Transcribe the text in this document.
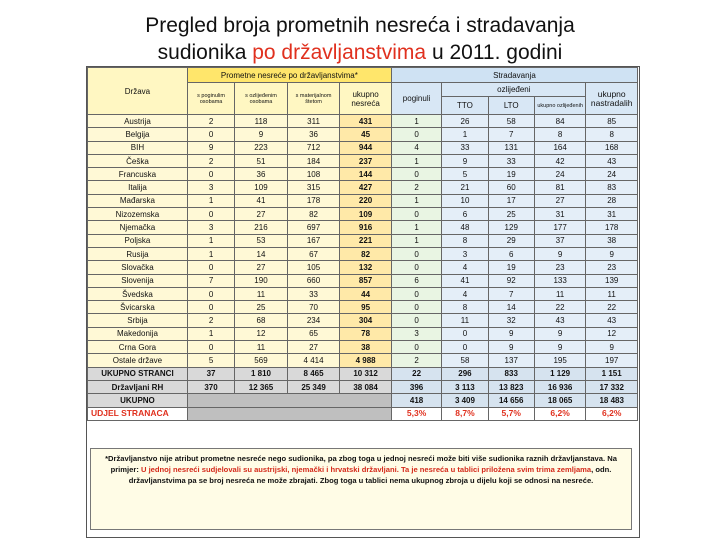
Pregled broja prometnih nesreća i stradavanja
sudionika po državljanstvima u 2011. godini
Država	Prometne nesreće po državljanstvima*				Stradavanja				
	s poginulim osobama	s ozlijeđenim osobama	s materijalnom štetom	ukupno nesreća	poginuli	ozlijeđeni			ukupno nastradalih
						TTO	LTO	ukupno ozlijeđenih	
Austrija	2	118	311	431	1	26	58	84	85
Belgija	0	9	36	45	0	1	7	8	8
BIH	9	223	712	944	4	33	131	164	168
Češka	2	51	184	237	1	9	33	42	43
Francuska	0	36	108	144	0	5	19	24	24
Italija	3	109	315	427	2	21	60	81	83
Mađarska	1	41	178	220	1	10	17	27	28
Nizozemska	0	27	82	109	0	6	25	31	31
Njemačka	3	216	697	916	1	48	129	177	178
Poljska	1	53	167	221	1	8	29	37	38
Rusija	1	14	67	82	0	3	6	9	9
Slovačka	0	27	105	132	0	4	19	23	23
Slovenija	7	190	660	857	6	41	92	133	139
Švedska	0	11	33	44	0	4	7	11	11
Švicarska	0	25	70	95	0	8	14	22	22
Srbija	2	68	234	304	0	11	32	43	43
Makedonija	1	12	65	78	3	0	9	9	12
Crna Gora	0	11	27	38	0	0	9	9	9
Ostale države	5	569	4 414	4 988	2	58	137	195	197
UKUPNO STRANCI	37	1 810	8 465	10 312	22	296	833	1 129	1 151
Državljani RH	370	12 365	25 349	38 084	396	3 113	13 823	16 936	17 332
UKUPNO					418	3 409	14 656	18 065	18 483
UDJEL STRANACA					5,3%	8,7%	5,7%	6,2%	6,2%
*Državljanstvo nije atribut prometne nesreće nego sudionika, pa zbog toga u jednoj nesreći može biti više sudionika raznih državljanstava. Na primjer: U jednoj nesreći sudjelovali su austrijski, njemački i hrvatski državljani. Ta je nesreća u tablici priložena svim trima zemljama, odn. državljanstvima pa se broj nesreća ne može zbrajati. Zbog toga u tablici nema ukupnog zbroja u dijelu koji se odnosi na nesreće.
